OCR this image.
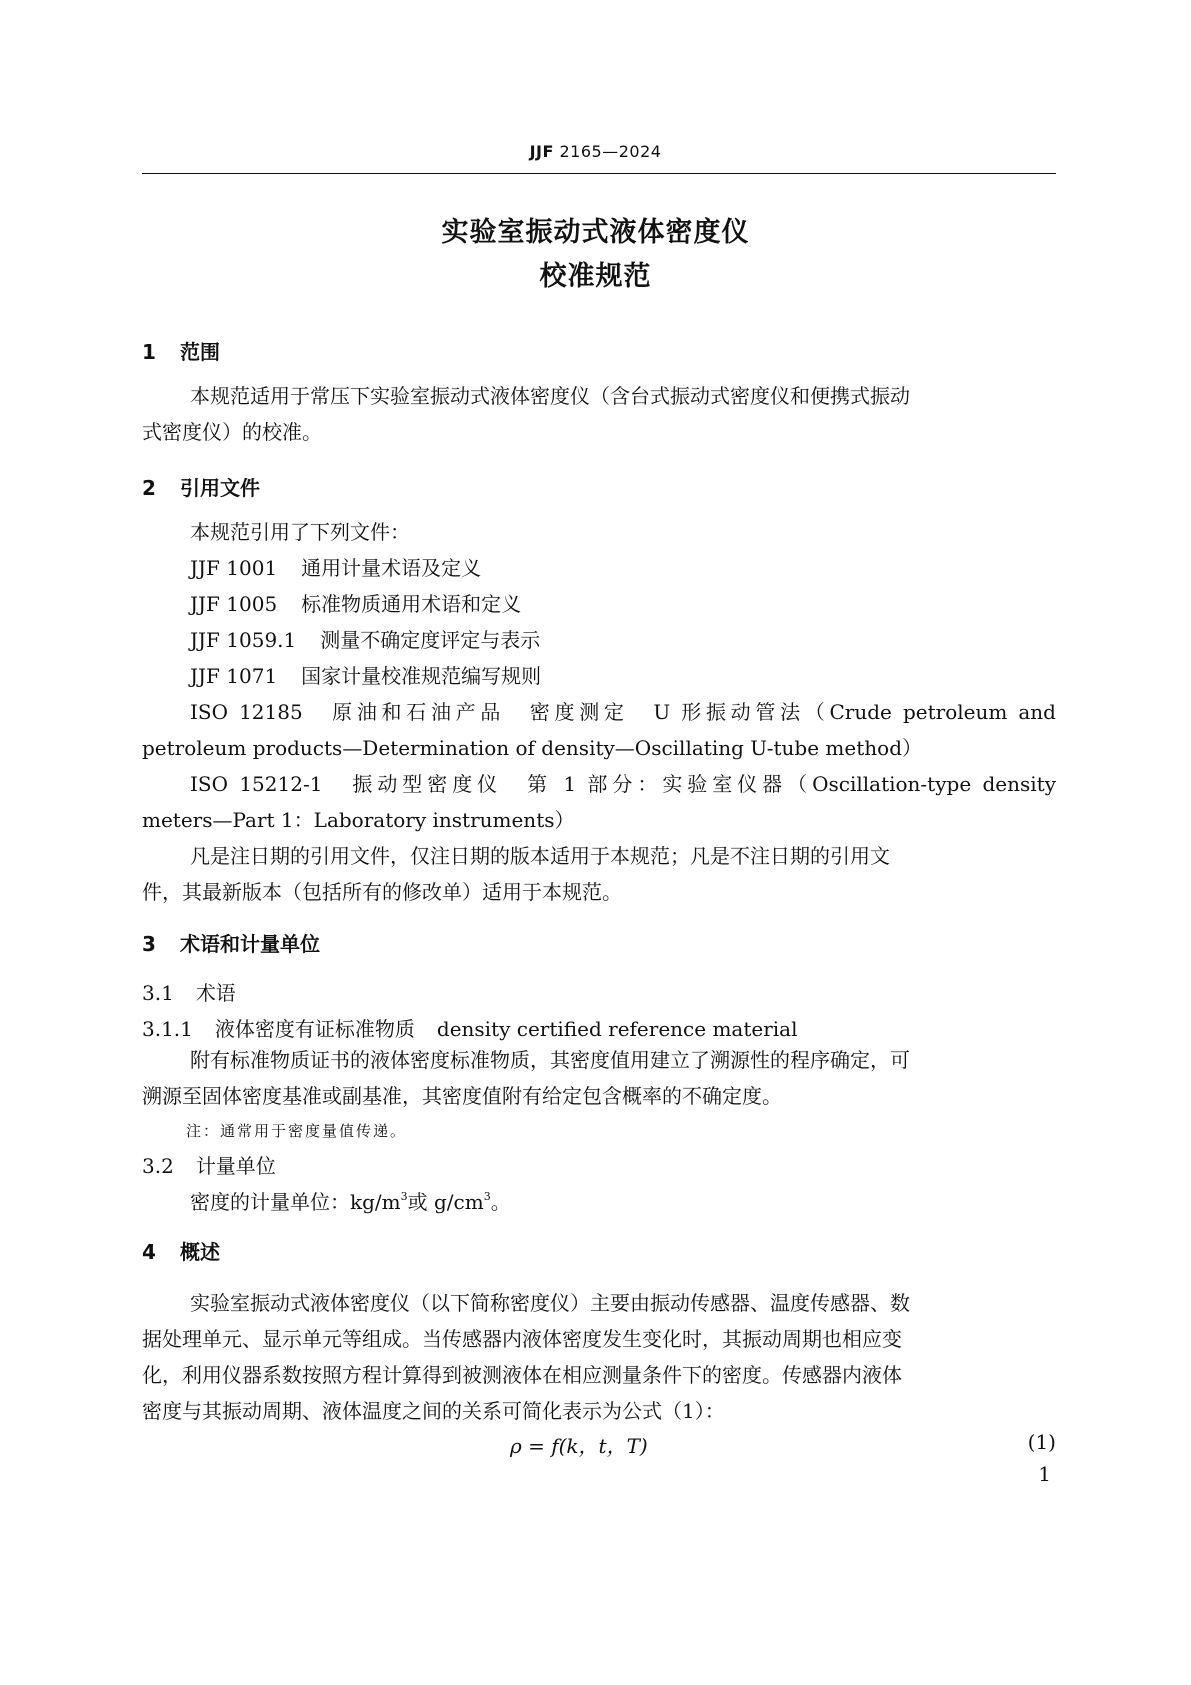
JJF 2165—2024
实验室振动式液体密度仪
校准规范
1 范围
本规范适用于常压下实验室振动式液体密度仪（含台式振动式密度仪和便携式振动
式密度仪）的校准。
2 引用文件
本规范引用了下列文件：
JJF 1001 通用计量术语及定义
JJF 1005 标准物质通用术语和定义
JJF 1059.1 测量不确定度评定与表示
JJF 1071 国家计量校准规范编写规则
ISO 12185　原油和石油产品　密度测定　U 形振动管法（Crude petroleum and
petroleum products—Determination of density—Oscillating U-tube method）
ISO 15212-1　振动型密度仪　第 1 部分：实验室仪器（Oscillation-type density
meters—Part 1：Laboratory instruments）
凡是注日期的引用文件，仅注日期的版本适用于本规范；凡是不注日期的引用文
件，其最新版本（包括所有的修改单）适用于本规范。
3 术语和计量单位
3.1 术语
3.1.1 液体密度有证标准物质 density certified reference material
附有标准物质证书的液体密度标准物质，其密度值用建立了溯源性的程序确定，可
溯源至固体密度基准或副基准，其密度值附有给定包含概率的不确定度。
注：通常用于密度量值传递。
3.2 计量单位
密度的计量单位：$kg/m^3$或 $g/cm^3$。
4 概述
实验室振动式液体密度仪（以下简称密度仪）主要由振动传感器、温度传感器、数
据处理单元、显示单元等组成。当传感器内液体密度发生变化时，其振动周期也相应变
化，利用仪器系数按照方程计算得到被测液体在相应测量条件下的密度。传感器内液体
密度与其振动周期、液体温度之间的关系可简化表示为公式（1）：
ρ = f(k，t，T)	(1)
1
